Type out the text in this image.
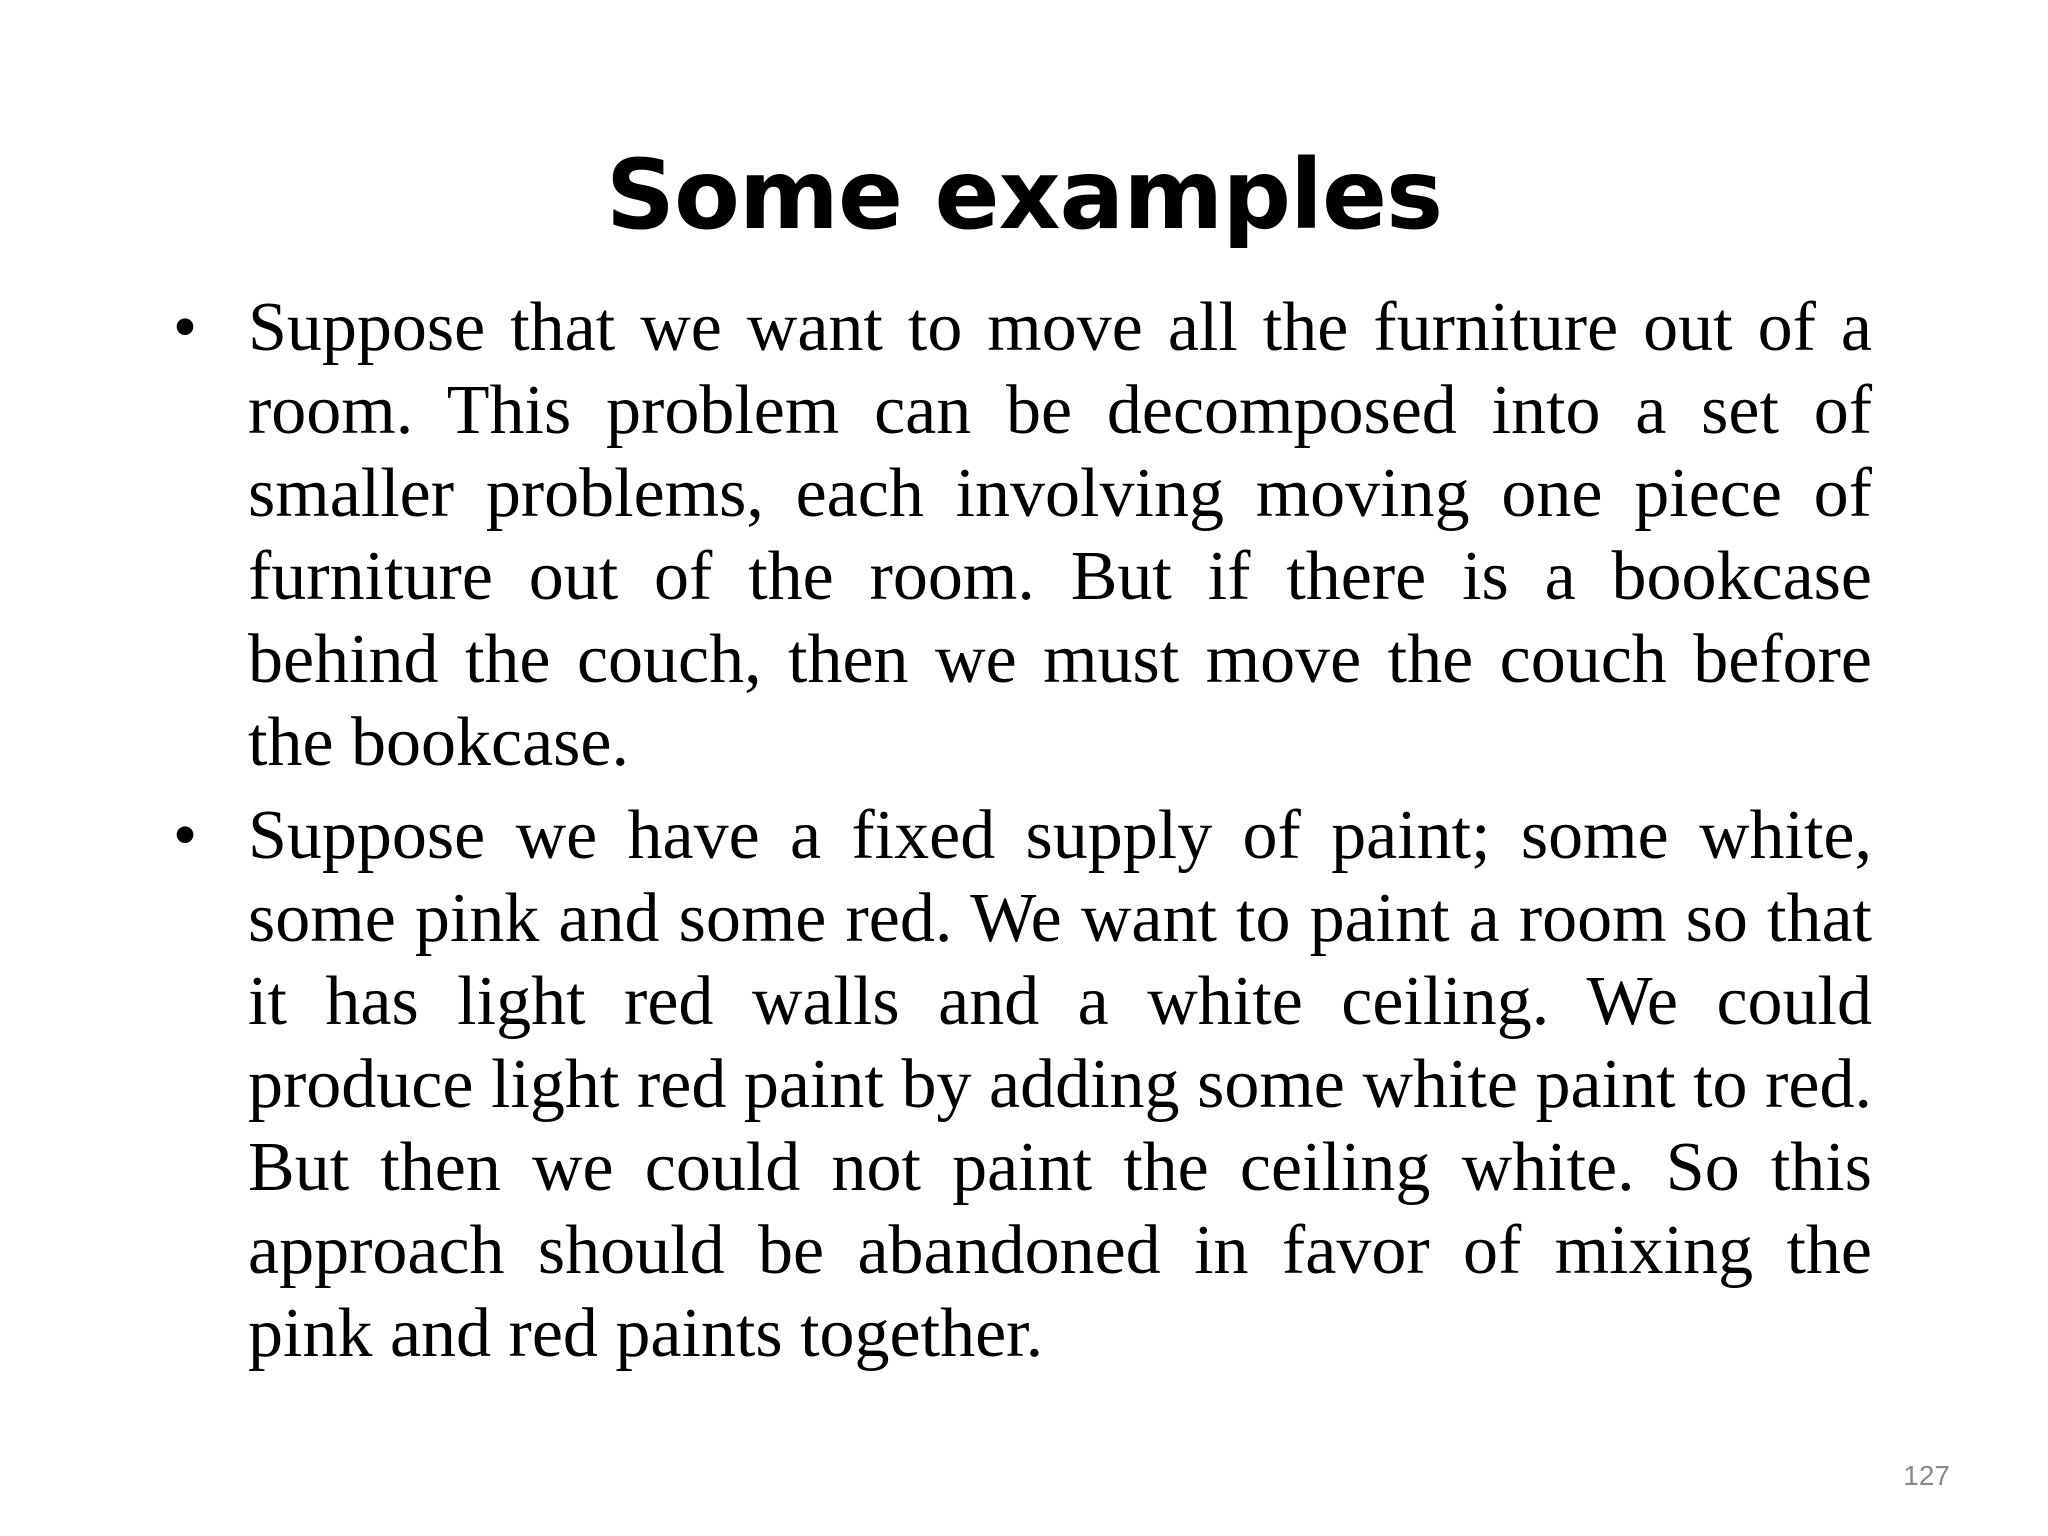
Some examples
• Suppose that we want to move all the furniture out of a room. This problem can be decomposed into a set of smaller problems, each involving moving one piece of furniture out of the room. But if there is a bookcase behind the couch, then we must move the couch before the bookcase.
• Suppose we have a fixed supply of paint; some white, some pink and some red. We want to paint a room so that it has light red walls and a white ceiling. We could produce light red paint by adding some white paint to red. But then we could not paint the ceiling white. So this approach should be abandoned in favor of mixing the pink and red paints together.
127
